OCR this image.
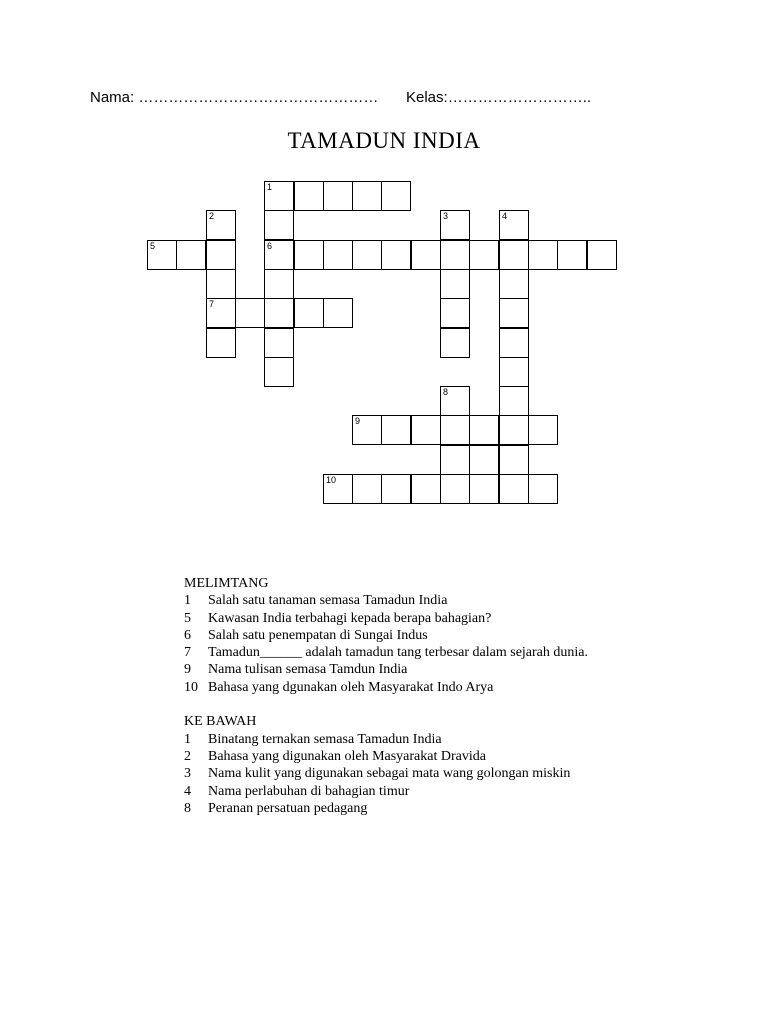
Nama: ………………………………………… Kelas:………………………..
TAMADUN INDIA
1
2	3	4
5	6
7
8
9
10
MELIMTANG
1 Salah satu tanaman semasa Tamadun India
5 Kawasan India terbahagi kepada berapa bahagian?
6 Salah satu penempatan di Sungai Indus
7 Tamadun______ adalah tamadun tang terbesar dalam sejarah dunia.
9 Nama tulisan semasa Tamdun India
10 Bahasa yang dgunakan oleh Masyarakat Indo Arya
KE BAWAH
1 Binatang ternakan semasa Tamadun India
2 Bahasa yang digunakan oleh Masyarakat Dravida
3 Nama kulit yang digunakan sebagai mata wang golongan miskin
4 Nama perlabuhan di bahagian timur
8 Peranan persatuan pedagang
